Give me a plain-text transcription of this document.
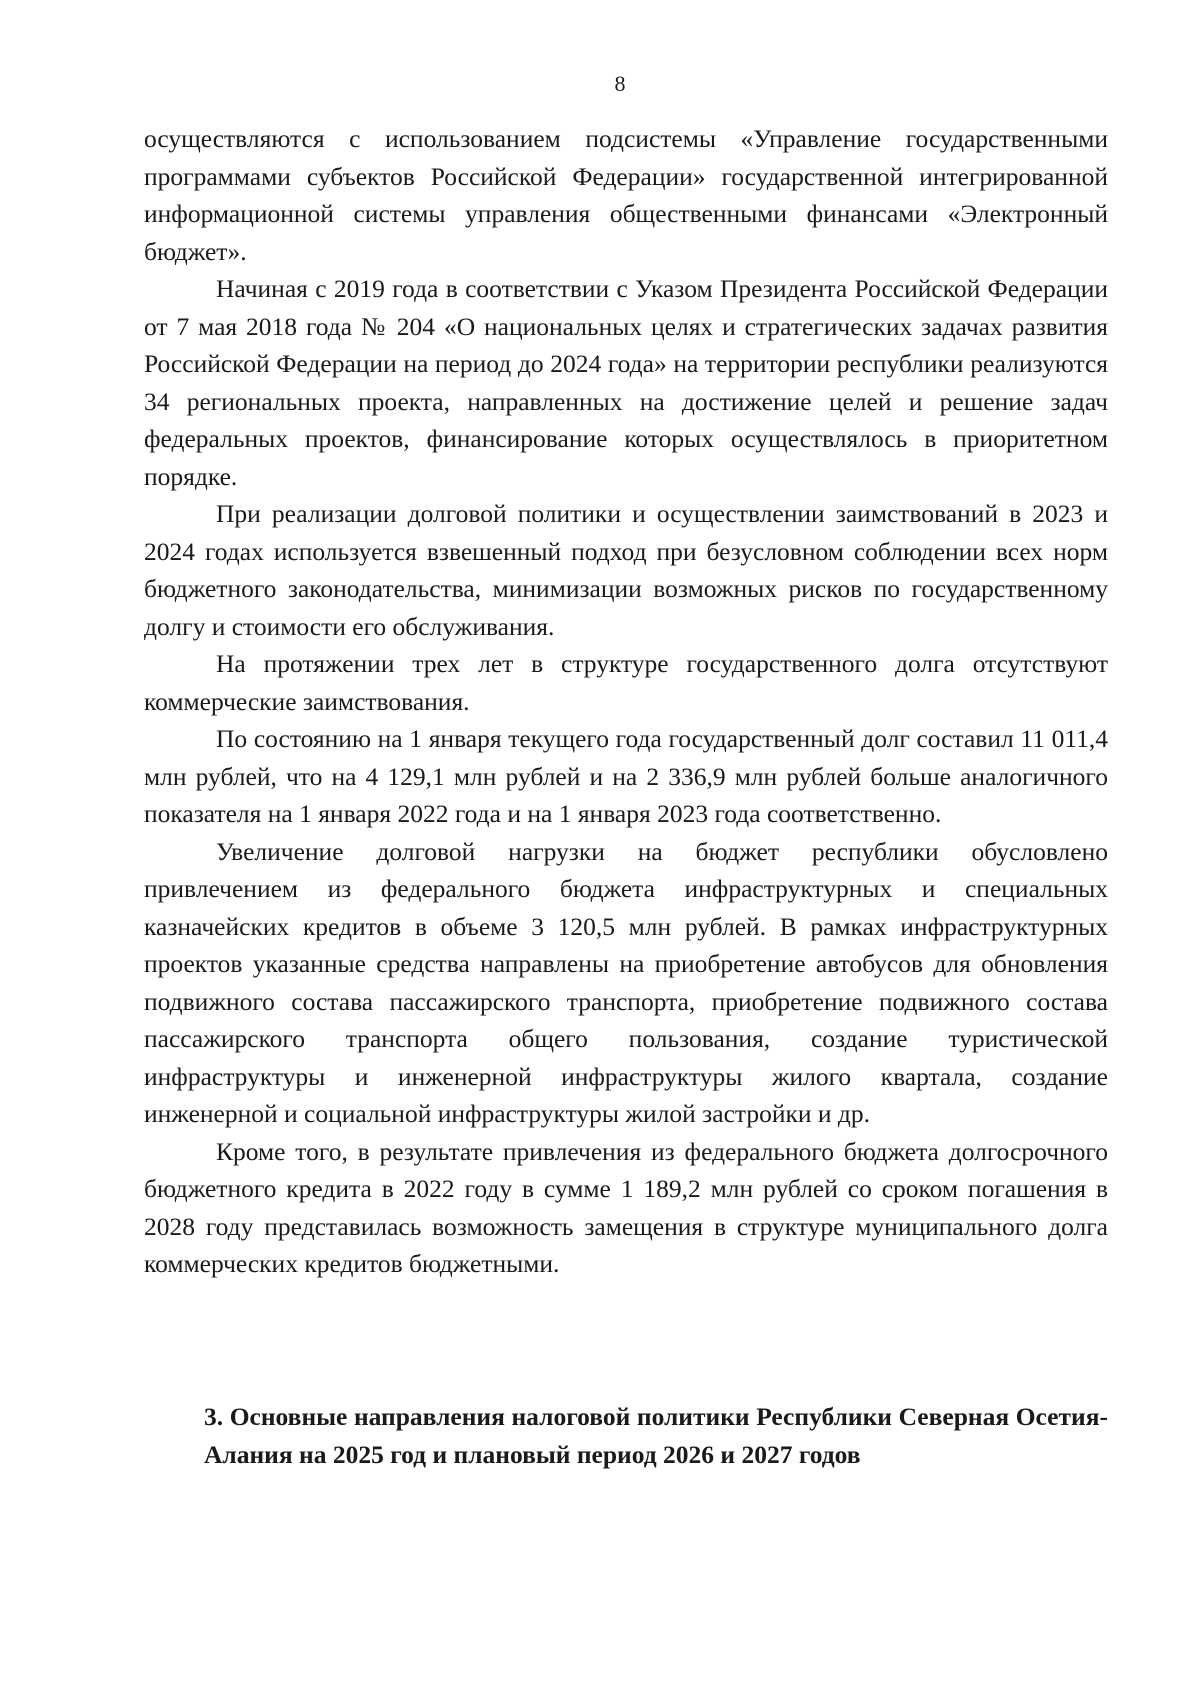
8

осуществляются с использованием подсистемы «Управление государственными программами субъектов Российской Федерации» государственной интегрированной информационной системы управления общественными финансами «Электронный бюджет».

Начиная с 2019 года в соответствии с Указом Президента Российской Федерации от 7 мая 2018 года № 204 «О национальных целях и стратегических задачах развития Российской Федерации на период до 2024 года» на территории республики реализуются 34 региональных проекта, направленных на достижение целей и решение задач федеральных проектов, финансирование которых осуществлялось в приоритетном порядке.

При реализации долговой политики и осуществлении заимствований в 2023 и 2024 годах используется взвешенный подход при безусловном соблюдении всех норм бюджетного законодательства, минимизации возможных рисков по государственному долгу и стоимости его обслуживания.

На протяжении трех лет в структуре государственного долга отсутствуют коммерческие заимствования.

По состоянию на 1 января текущего года государственный долг составил 11 011,4 млн рублей, что на 4 129,1 млн рублей и на 2 336,9 млн рублей больше аналогичного показателя на 1 января 2022 года и на 1 января 2023 года соответственно.

Увеличение долговой нагрузки на бюджет республики обусловлено привлечением из федерального бюджета инфраструктурных и специальных казначейских кредитов в объеме 3 120,5 млн рублей. В рамках инфраструктурных проектов указанные средства направлены на приобретение автобусов для обновления подвижного состава пассажирского транспорта, приобретение подвижного состава пассажирского транспорта общего пользования, создание туристической инфраструктуры и инженерной инфраструктуры жилого квартала, создание инженерной и социальной инфраструктуры жилой застройки и др.

Кроме того, в результате привлечения из федерального бюджета долгосрочного бюджетного кредита в 2022 году в сумме 1 189,2 млн рублей со сроком погашения в 2028 году представилась возможность замещения в структуре муниципального долга коммерческих кредитов бюджетными.

3. Основные направления налоговой политики Республики Северная Осетия-Алания на 2025 год и плановый период 2026 и 2027 годов
